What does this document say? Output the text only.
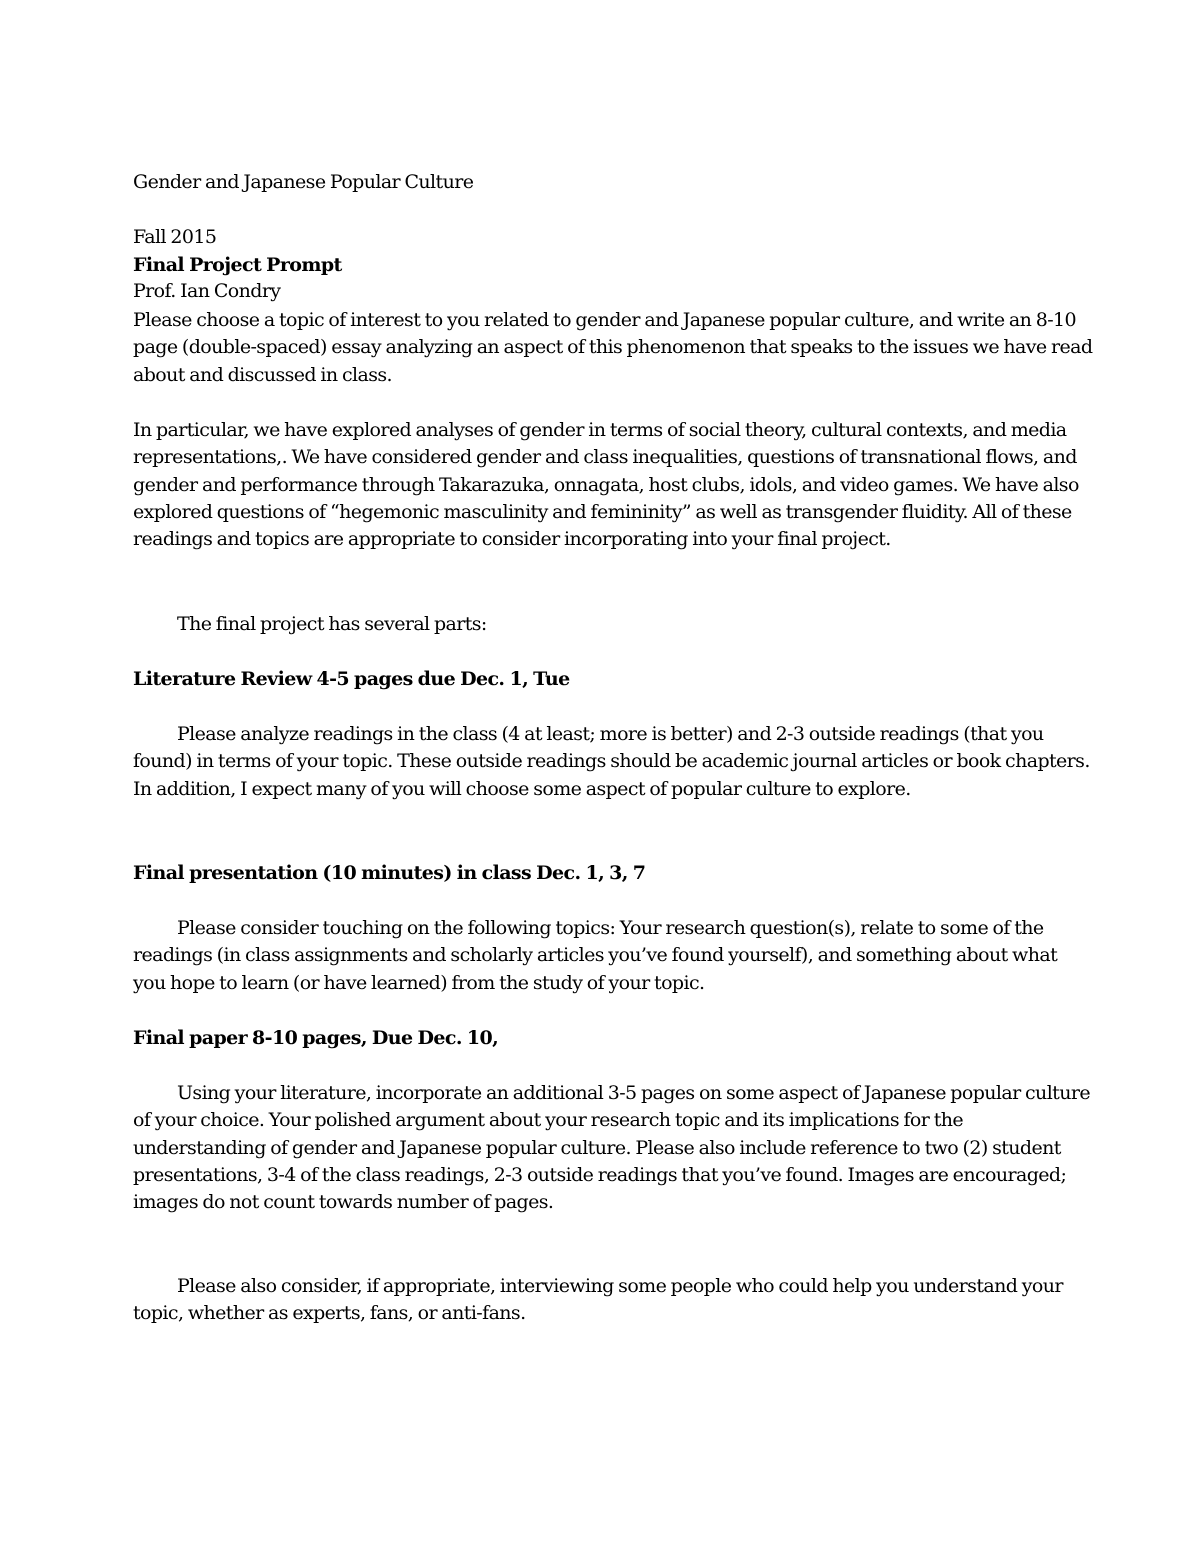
Gender and Japanese Popular Culture

Fall 2015

Prof. Ian Condry

Final Project Prompt

Please choose a topic of interest to you related to gender and Japanese popular culture, and write an 8-10 page (double-spaced) essay analyzing an aspect of this phenomenon that speaks to the issues we have read about and discussed in class.

In particular, we have explored analyses of gender in terms of social theory, cultural contexts, and media representations,. We have considered gender and class inequalities, questions of transnational flows, and gender and performance through Takarazuka, onnagata, host clubs, idols, and video games. We have also explored questions of “hegemonic masculinity and femininity” as well as transgender fluidity. All of these readings and topics are appropriate to consider incorporating into your final project.

The final project has several parts:

Literature Review 4-5 pages due Dec. 1, Tue

Please analyze readings in the class (4 at least; more is better) and 2-3 outside readings (that you found) in terms of your topic. These outside readings should be academic journal articles or book chapters. In addition, I expect many of you will choose some aspect of popular culture to explore.

Final presentation (10 minutes) in class Dec. 1, 3, 7

Please consider touching on the following topics: Your research question(s), relate to some of the readings (in class assignments and scholarly articles you’ve found yourself), and something about what you hope to learn (or have learned) from the study of your topic.

Final paper 8-10 pages, Due Dec. 10,

Using your literature, incorporate an additional 3-5 pages on some aspect of Japanese popular culture of your choice. Your polished argument about your research topic and its implications for the understanding of gender and Japanese popular culture. Please also include reference to two (2) student presentations, 3-4 of the class readings, 2-3 outside readings that you’ve found. Images are encouraged; images do not count towards number of pages.

Please also consider, if appropriate, interviewing some people who could help you understand your topic, whether as experts, fans, or anti-fans.
